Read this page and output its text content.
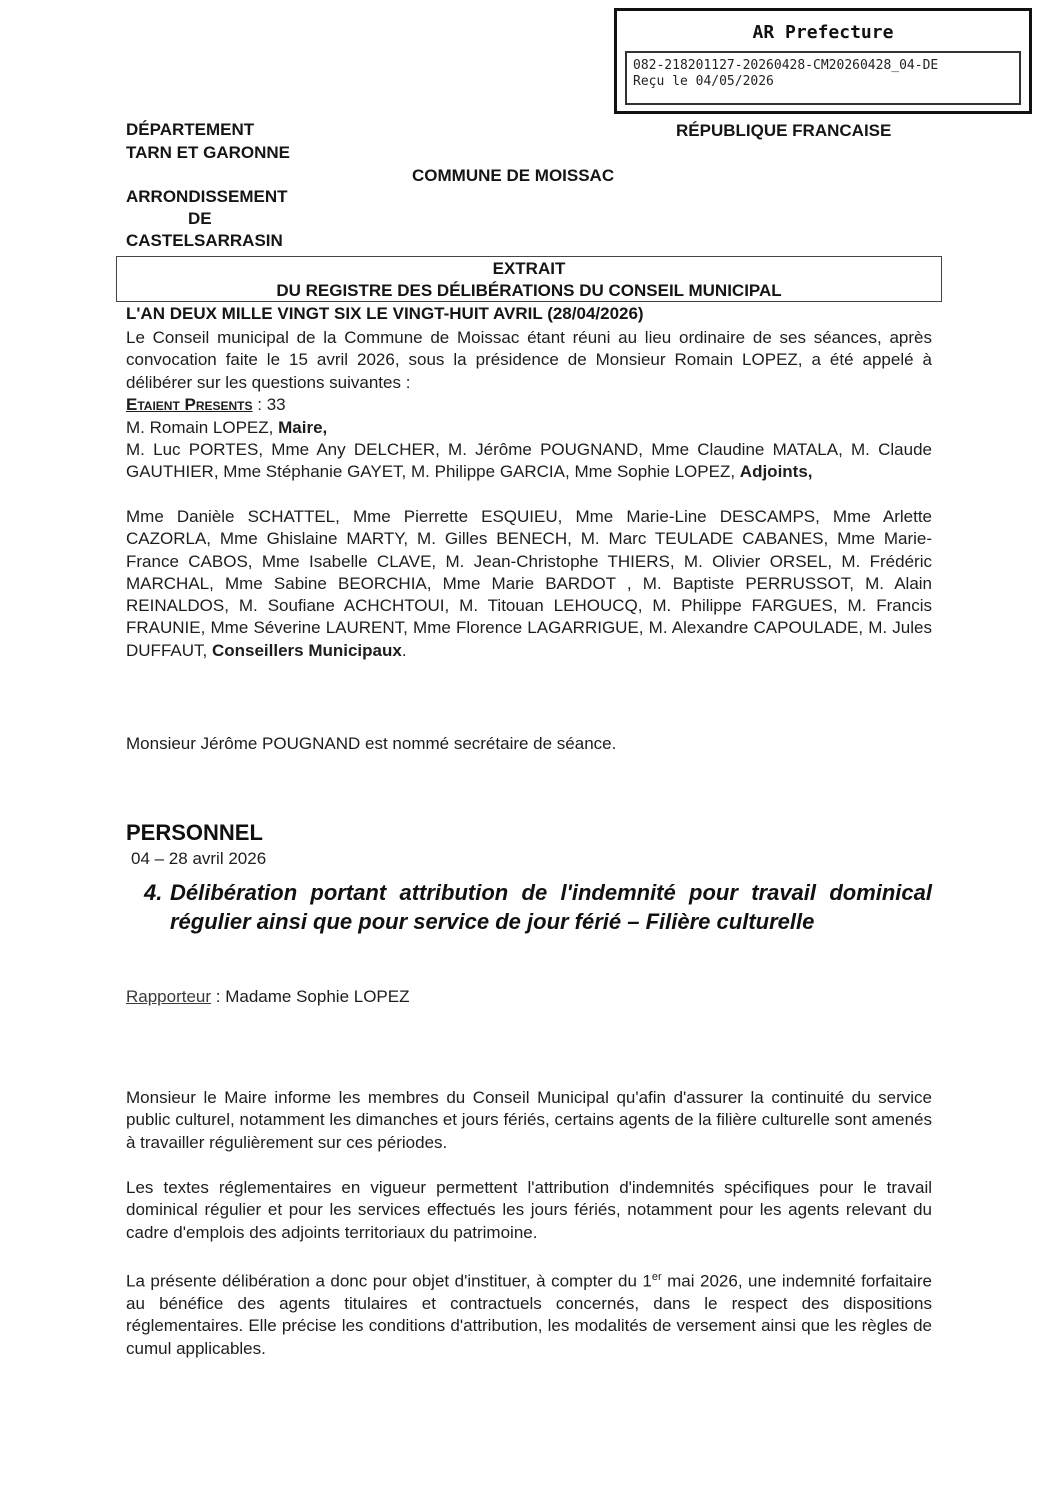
AR Prefecture
082-218201127-20260428-CM20260428_04-DE
Reçu le 04/05/2026
DÉPARTEMENT
TARN ET GARONNE
RÉPUBLIQUE FRANCAISE
COMMUNE DE MOISSAC
ARRONDISSEMENT
DE
CASTELSARRASIN
EXTRAIT
DU REGISTRE DES DÉLIBÉRATIONS DU CONSEIL MUNICIPAL
L'AN DEUX MILLE VINGT SIX LE VINGT-HUIT AVRIL (28/04/2026)
Le Conseil municipal de la Commune de Moissac étant réuni au lieu ordinaire de ses séances, après convocation faite le 15 avril 2026, sous la présidence de Monsieur Romain LOPEZ, a été appelé à délibérer sur les questions suivantes :
Etaient Presents : 33
M. Romain LOPEZ, Maire,
M. Luc PORTES, Mme Any DELCHER, M. Jérôme POUGNAND, Mme Claudine MATALA, M. Claude GAUTHIER, Mme Stéphanie GAYET, M. Philippe GARCIA, Mme Sophie LOPEZ, Adjoints,
Mme Danièle SCHATTEL, Mme Pierrette ESQUIEU, Mme Marie-Line DESCAMPS, Mme Arlette CAZORLA, Mme Ghislaine MARTY, M. Gilles BENECH, M. Marc TEULADE CABANES, Mme Marie-France CABOS, Mme Isabelle CLAVE, M. Jean-Christophe THIERS, M. Olivier ORSEL, M. Frédéric MARCHAL, Mme Sabine BEORCHIA, Mme Marie BARDOT , M. Baptiste PERRUSSOT, M. Alain REINALDOS, M. Soufiane ACHCHTOUI, M. Titouan LEHOUCQ, M. Philippe FARGUES, M. Francis FRAUNIE, Mme Séverine LAURENT, Mme Florence LAGARRIGUE, M. Alexandre CAPOULADE, M. Jules DUFFAUT, Conseillers Municipaux.
Monsieur Jérôme POUGNAND est nommé secrétaire de séance.
PERSONNEL
04 – 28 avril 2026
4. Délibération portant attribution de l'indemnité pour travail dominical régulier ainsi que pour service de jour férié – Filière culturelle
Rapporteur : Madame Sophie LOPEZ
Monsieur le Maire informe les membres du Conseil Municipal qu'afin d'assurer la continuité du service public culturel, notamment les dimanches et jours fériés, certains agents de la filière culturelle sont amenés à travailler régulièrement sur ces périodes.
Les textes réglementaires en vigueur permettent l'attribution d'indemnités spécifiques pour le travail dominical régulier et pour les services effectués les jours fériés, notamment pour les agents relevant du cadre d'emplois des adjoints territoriaux du patrimoine.
La présente délibération a donc pour objet d'instituer, à compter du 1er mai 2026, une indemnité forfaitaire au bénéfice des agents titulaires et contractuels concernés, dans le respect des dispositions réglementaires. Elle précise les conditions d'attribution, les modalités de versement ainsi que les règles de cumul applicables.
